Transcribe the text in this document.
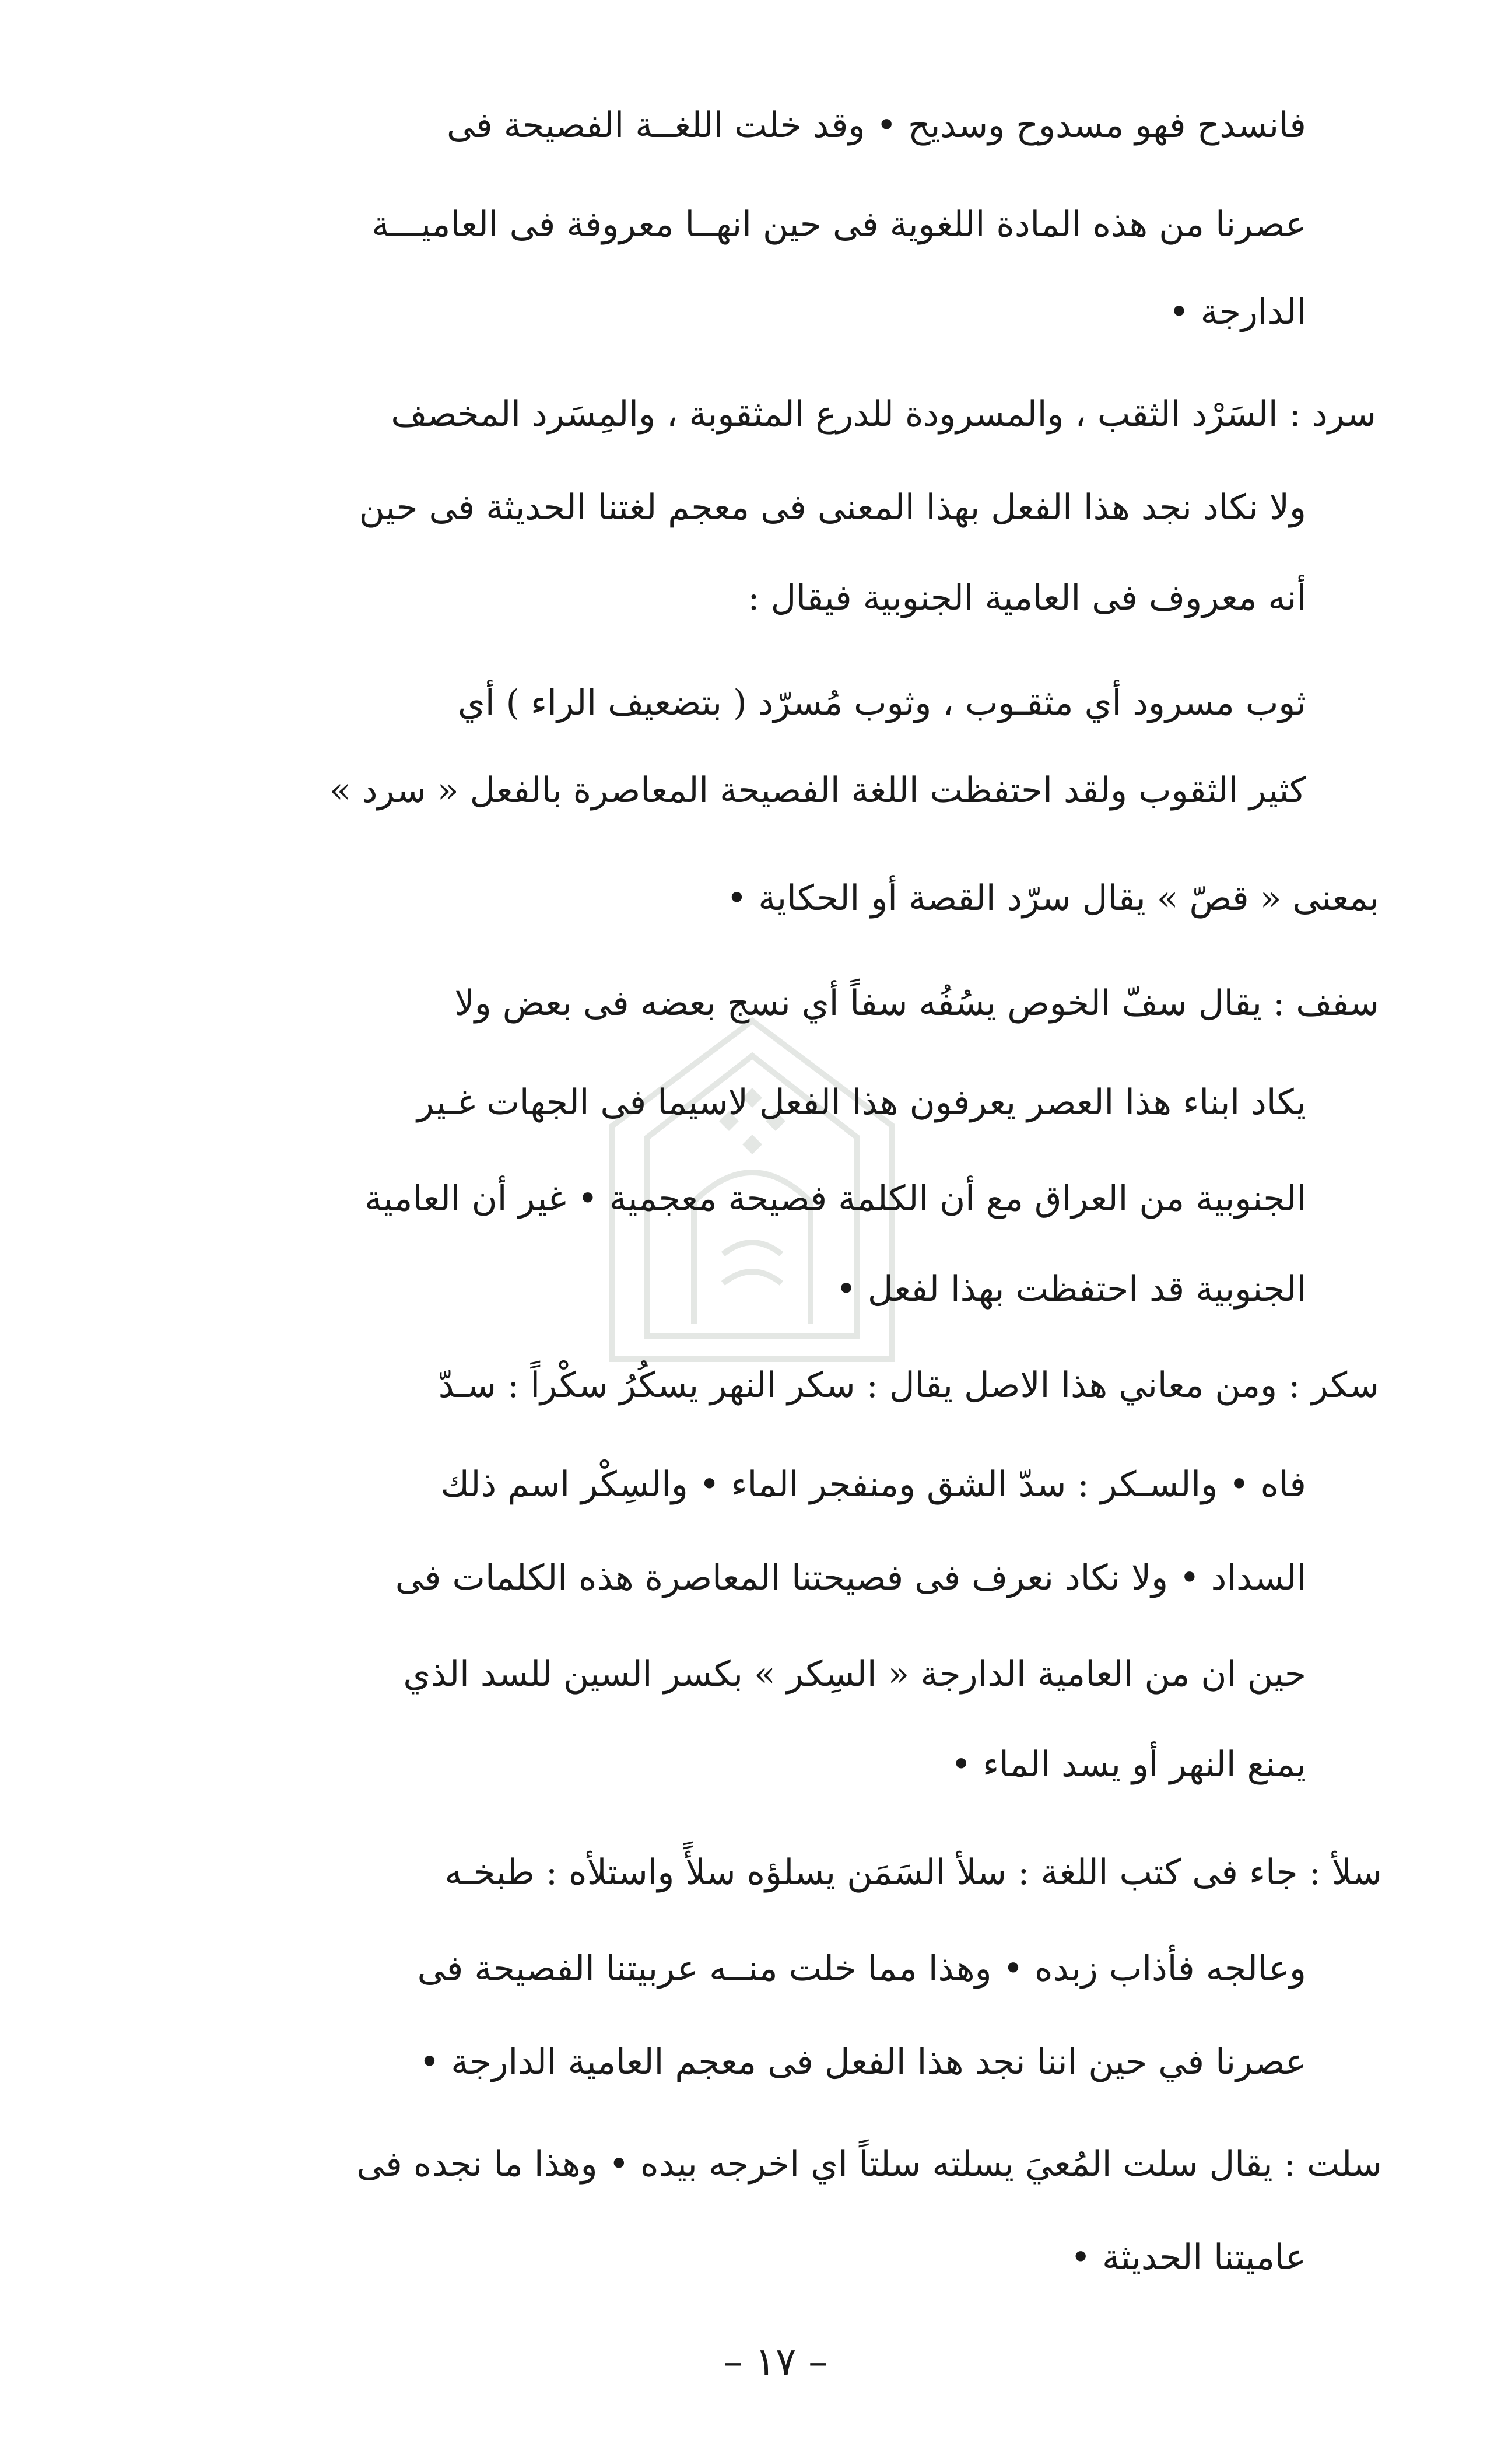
فانسدح فهو مسدوح وسديح • وقد خلت اللغــة الفصيحة فى
عصرنا من هذه المادة اللغوية فى حين انهــا معروفة فى العاميـــة
الدارجة •
سرد : السَرْد الثقب ، والمسرودة للدرع المثقوبة ، والمِسَرد المخصف
ولا نكاد نجد هذا الفعل بهذا المعنى فى معجم لغتنا الحديثة فى حين
أنه معروف فى العامية الجنوبية فيقال :
ثوب مسرود أي مثقـوب ، وثوب مُسرّد ( بتضعيف الراء ) أي
كثير الثقوب ولقد احتفظت اللغة الفصيحة المعاصرة بالفعل « سرد »
بمعنى « قصّ » يقال سرّد القصة أو الحكاية •
سفف : يقال سفّ الخوص يسُفُه سفاً أي نسج بعضه فى بعض ولا
يكاد ابناء هذا العصر يعرفون هذا الفعل لاسيما فى الجهات غـير
الجنوبية من العراق مع أن الكلمة فصيحة معجمية • غير أن العامية
الجنوبية قد احتفظت بهذا لفعل •
سكر : ومن معاني هذا الاصل يقال : سكر النهر يسكُرُ سكْراً : سـدّ
فاه • والسـكر : سدّ الشق ومنفجر الماء • والسِكْر اسم ذلك
السداد • ولا نكاد نعرف فى فصيحتنا المعاصرة هذه الكلمات فى
حين ان من العامية الدارجة « السِكر » بكسر السين للسد الذي
يمنع النهر أو يسد الماء •
سلأ : جاء فى كتب اللغة : سلأ السَمَن يسلؤه سلأً واستلأه : طبخـه
وعالجه فأذاب زبده • وهذا مما خلت منــه عربيتنا الفصيحة فى
عصرنا في حين اننا نجد هذا الفعل فى معجم العامية الدارجة •
سلت : يقال سلت المُعيَ يسلته سلتاً اي اخرجه بيده • وهذا ما نجده فى
عاميتنا الحديثة •
– ١٧ –
